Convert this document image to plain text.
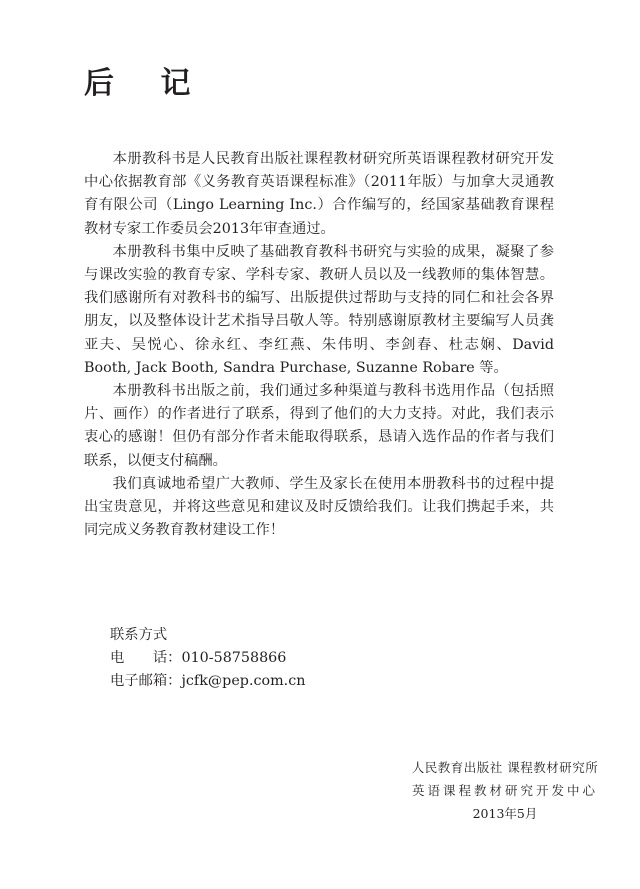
后 记

本册教科书是人民教育出版社课程教材研究所英语课程教材研究开发中心依据教育部《义务教育英语课程标准》（2011年版）与加拿大灵通教育有限公司（Lingo Learning Inc.）合作编写的，经国家基础教育课程教材专家工作委员会2013年审查通过。

本册教科书集中反映了基础教育教科书研究与实验的成果，凝聚了参与课改实验的教育专家、学科专家、教研人员以及一线教师的集体智慧。我们感谢所有对教科书的编写、出版提供过帮助与支持的同仁和社会各界朋友，以及整体设计艺术指导吕敬人等。特别感谢原教材主要编写人员龚亚夫、吴悦心、徐永红、李红燕、朱伟明、李剑春、杜志娴、David Booth, Jack Booth, Sandra Purchase, Suzanne Robare 等。

本册教科书出版之前，我们通过多种渠道与教科书选用作品（包括照片、画作）的作者进行了联系，得到了他们的大力支持。对此，我们表示衷心的感谢！但仍有部分作者未能取得联系，恳请入选作品的作者与我们联系，以便支付稿酬。

我们真诚地希望广大教师、学生及家长在使用本册教科书的过程中提出宝贵意见，并将这些意见和建议及时反馈给我们。让我们携起手来，共同完成义务教育教材建设工作！

联系方式
电　　话：010-58758866
电子邮箱：jcfk@pep.com.cn
人民教育出版社 课程教材研究所
英语课程教材研究开发中心
2013年5月
